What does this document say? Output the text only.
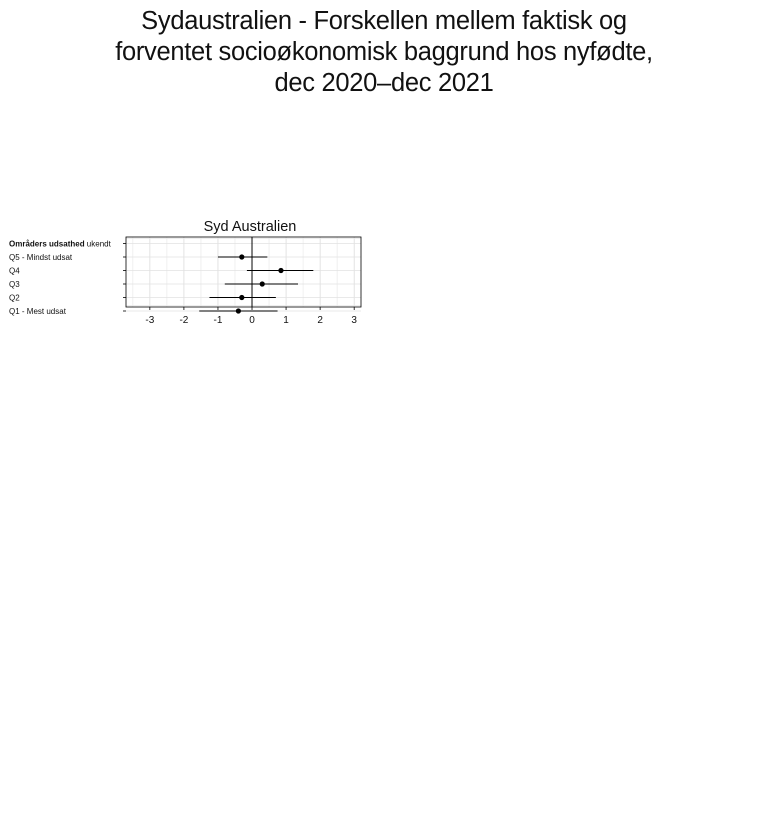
Sydaustralien - Forskellen mellem faktisk og
forventet socioøkonomisk baggrund hos nyfødte,
dec 2020–dec 2021
Syd Australien
Områders udsathed ukendt
Q5 - Mindst udsat
Q4
Q3
Q2
Q1 - Mest udsat
-3	-2	-1	0	1	2	3
